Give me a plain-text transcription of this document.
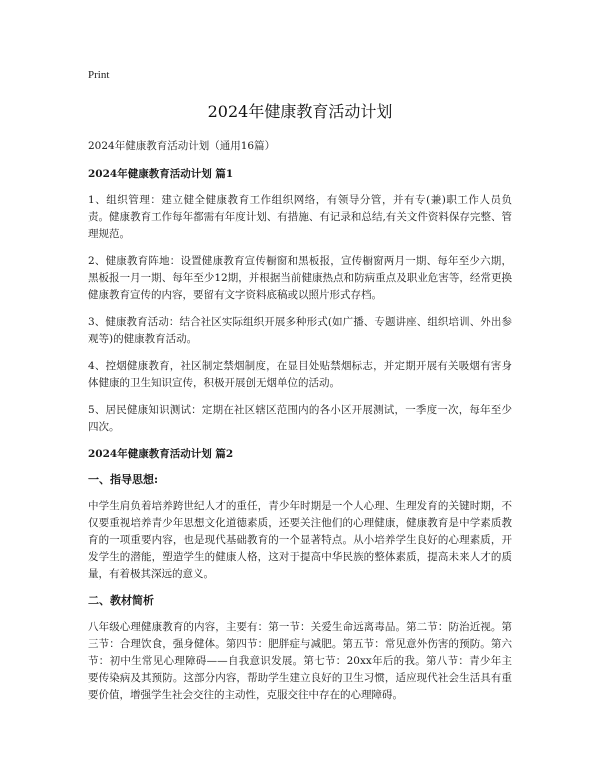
Print
2024年健康教育活动计划
2024年健康教育活动计划（通用16篇）
2024年健康教育活动计划 篇1

1、组织管理：建立健全健康教育工作组织网络，有领导分管，并有专(兼)职工作人员负责。健康教育工作每年都需有年度计划、有措施、有记录和总结,有关文件资料保存完整、管理规范。

2、健康教育阵地：设置健康教育宣传橱窗和黑板报，宣传橱窗两月一期、每年至少六期，黑板报一月一期、每年至少12期，并根据当前健康热点和防病重点及职业危害等，经常更换健康教育宣传的内容，要留有文字资料底稿或以照片形式存档。

3、健康教育活动：结合社区实际组织开展多种形式(如广播、专题讲座、组织培训、外出参观等)的健康教育活动。

4、控烟健康教育，社区制定禁烟制度，在显目处贴禁烟标志，并定期开展有关吸烟有害身体健康的卫生知识宣传，积极开展创无烟单位的活动。

5、居民健康知识测试：定期在社区辖区范围内的各小区开展测试，一季度一次，每年至少四次。

2024年健康教育活动计划 篇2
一、指导思想:

中学生肩负着培养跨世纪人才的重任，青少年时期是一个人心理、生理发育的关键时期，不仅要重视培养青少年思想文化道德素质，还要关注他们的心理健康，健康教育是中学素质教育的一项重要内容，也是现代基础教育的一个显著特点。从小培养学生良好的心理素质，开发学生的潜能，塑造学生的健康人格，这对于提高中华民族的整体素质，提高未来人才的质量，有着极其深远的意义。

二、教材简析

八年级心理健康教育的内容，主要有：第一节：关爱生命远离毒品。第二节：防治近视。第三节：合理饮食，强身健体。第四节：肥胖症与减肥。第五节：常见意外伤害的预防。第六节：初中生常见心理障碍——自我意识发展。第七节：20xx年后的我。第八节：青少年主要传染病及其预防。这部分内容，帮助学生建立良好的卫生习惯，适应现代社会生活具有重要价值，增强学生社会交往的主动性，克服交往中存在的心理障碍。
